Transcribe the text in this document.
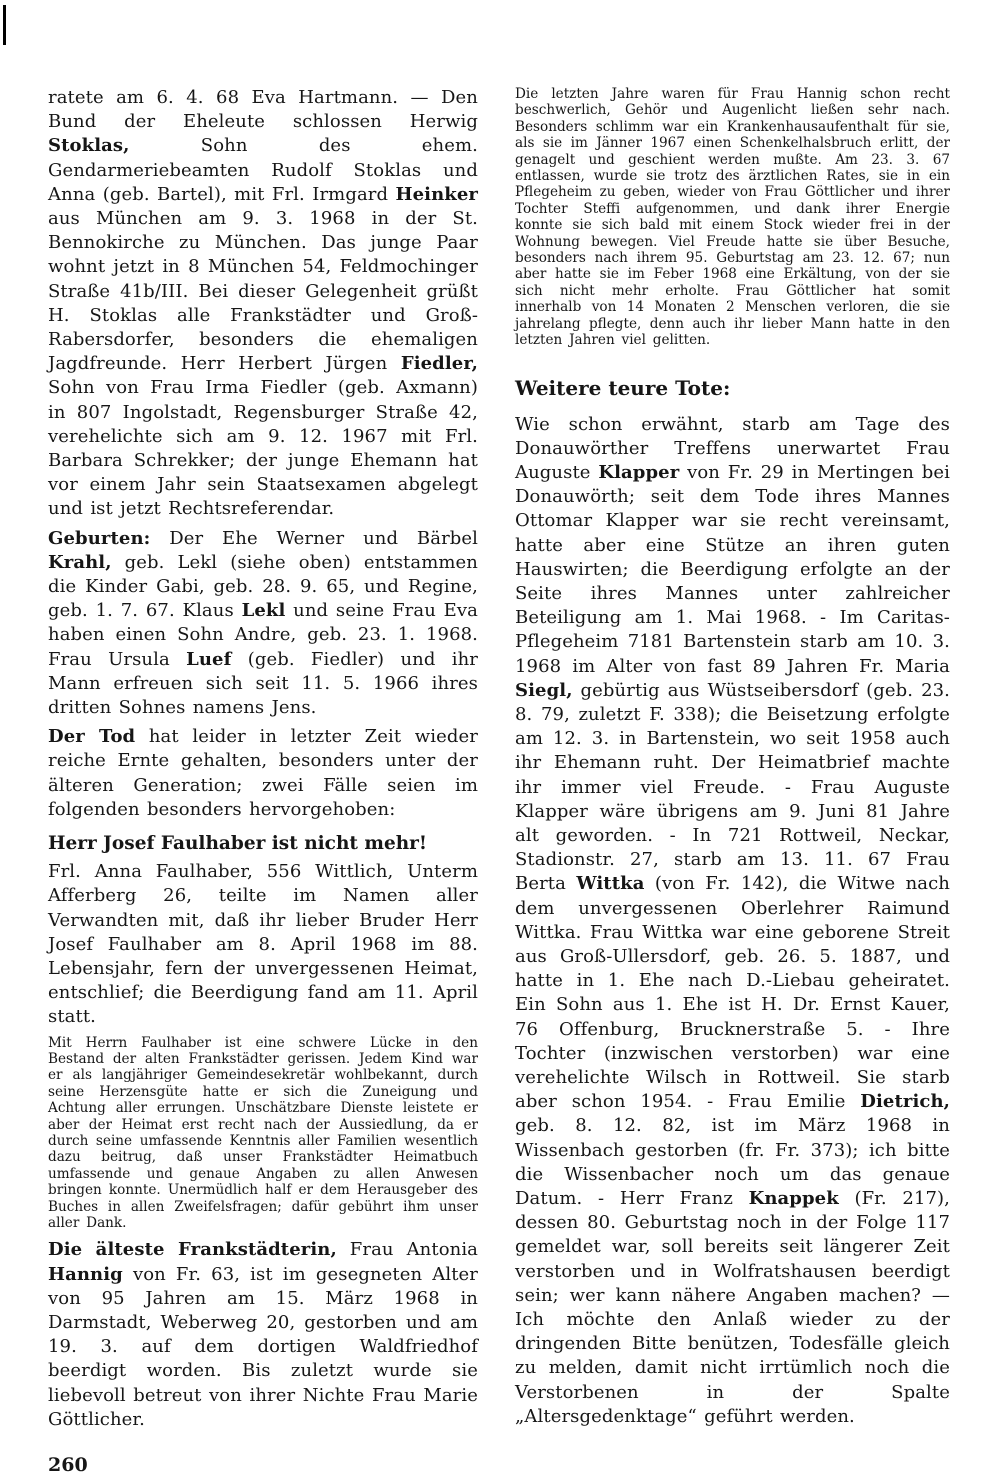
ratete am 6. 4. 68 Eva Hartmann. — Den Bund der Eheleute schlossen Herwig Stoklas, Sohn des ehem. Gendarmeriebeamten Rudolf Stoklas und Anna (geb. Bartel), mit Frl. Irmgard Heinker aus München am 9. 3. 1968 in der St. Bennokirche zu München. Das junge Paar wohnt jetzt in 8 München 54, Feldmochinger Straße 41b/III. Bei dieser Gelegenheit grüßt H. Stoklas alle Frankstädter und Groß-Rabersdorfer, besonders die ehemaligen Jagdfreunde. Herr Herbert Jürgen Fiedler, Sohn von Frau Irma Fiedler (geb. Axmann) in 807 Ingolstadt, Regensburger Straße 42, verehelichte sich am 9. 12. 1967 mit Frl. Barbara Schrekker; der junge Ehemann hat vor einem Jahr sein Staatsexamen abgelegt und ist jetzt Rechtsreferendar.

Geburten: Der Ehe Werner und Bärbel Krahl, geb. Lekl (siehe oben) entstammen die Kinder Gabi, geb. 28. 9. 65, und Regine, geb. 1. 7. 67. Klaus Lekl und seine Frau Eva haben einen Sohn Andre, geb. 23. 1. 1968. Frau Ursula Luef (geb. Fiedler) und ihr Mann erfreuen sich seit 11. 5. 1966 ihres dritten Sohnes namens Jens.

Der Tod hat leider in letzter Zeit wieder reiche Ernte gehalten, besonders unter der älteren Generation; zwei Fälle seien im folgenden besonders hervorgehoben:

Herr Josef Faulhaber ist nicht mehr!

Frl. Anna Faulhaber, 556 Wittlich, Unterm Afferberg 26, teilte im Namen aller Verwandten mit, daß ihr lieber Bruder Herr Josef Faulhaber am 8. April 1968 im 88. Lebensjahr, fern der unvergessenen Heimat, entschlief; die Beerdigung fand am 11. April statt.

Mit Herrn Faulhaber ist eine schwere Lücke in den Bestand der alten Frankstädter gerissen. Jedem Kind war er als langjähriger Gemeindesekretär wohlbekannt, durch seine Herzensgüte hatte er sich die Zuneigung und Achtung aller errungen. Unschätzbare Dienste leistete er aber der Heimat erst recht nach der Aussiedlung, da er durch seine umfassende Kenntnis aller Familien wesentlich dazu beitrug, daß unser Frankstädter Heimatbuch umfassende und genaue Angaben zu allen Anwesen bringen konnte. Unermüdlich half er dem Herausgeber des Buches in allen Zweifelsfragen; dafür gebührt ihm unser aller Dank.

Die älteste Frankstädterin, Frau Antonia Hannig von Fr. 63, ist im gesegneten Alter von 95 Jahren am 15. März 1968 in Darmstadt, Weberweg 20, gestorben und am 19. 3. auf dem dortigen Waldfriedhof beerdigt worden. Bis zuletzt wurde sie liebevoll betreut von ihrer Nichte Frau Marie Göttlicher.

260

Die letzten Jahre waren für Frau Hannig schon recht beschwerlich, Gehör und Augenlicht ließen sehr nach. Besonders schlimm war ein Krankenhausaufenthalt für sie, als sie im Jänner 1967 einen Schenkelhalsbruch erlitt, der genagelt und geschient werden mußte. Am 23. 3. 67 entlassen, wurde sie trotz des ärztlichen Rates, sie in ein Pflegeheim zu geben, wieder von Frau Göttlicher und ihrer Tochter Steffi aufgenommen, und dank ihrer Energie konnte sie sich bald mit einem Stock wieder frei in der Wohnung bewegen. Viel Freude hatte sie über Besuche, besonders nach ihrem 95. Geburtstag am 23. 12. 67; nun aber hatte sie im Feber 1968 eine Erkältung, von der sie sich nicht mehr erholte. Frau Göttlicher hat somit innerhalb von 14 Monaten 2 Menschen verloren, die sie jahrelang pflegte, denn auch ihr lieber Mann hatte in den letzten Jahren viel gelitten.

Weitere teure Tote:

Wie schon erwähnt, starb am Tage des Donauwörther Treffens unerwartet Frau Auguste Klapper von Fr. 29 in Mertingen bei Donauwörth; seit dem Tode ihres Mannes Ottomar Klapper war sie recht vereinsamt, hatte aber eine Stütze an ihren guten Hauswirten; die Beerdigung erfolgte an der Seite ihres Mannes unter zahlreicher Beteiligung am 1. Mai 1968. - Im Caritas-Pflegeheim 7181 Bartenstein starb am 10. 3. 1968 im Alter von fast 89 Jahren Fr. Maria Siegl, gebürtig aus Wüstseibersdorf (geb. 23. 8. 79, zuletzt F. 338); die Beisetzung erfolgte am 12. 3. in Bartenstein, wo seit 1958 auch ihr Ehemann ruht. Der Heimatbrief machte ihr immer viel Freude. - Frau Auguste Klapper wäre übrigens am 9. Juni 81 Jahre alt geworden. - In 721 Rottweil, Neckar, Stadionstr. 27, starb am 13. 11. 67 Frau Berta Wittka (von Fr. 142), die Witwe nach dem unvergessenen Oberlehrer Raimund Wittka. Frau Wittka war eine geborene Streit aus Groß-Ullersdorf, geb. 26. 5. 1887, und hatte in 1. Ehe nach D.-Liebau geheiratet. Ein Sohn aus 1. Ehe ist H. Dr. Ernst Kauer, 76 Offenburg, Brucknerstraße 5. - Ihre Tochter (inzwischen verstorben) war eine verehelichte Wilsch in Rottweil. Sie starb aber schon 1954. - Frau Emilie Dietrich, geb. 8. 12. 82, ist im März 1968 in Wissenbach gestorben (fr. Fr. 373); ich bitte die Wissenbacher noch um das genaue Datum. - Herr Franz Knappek (Fr. 217), dessen 80. Geburtstag noch in der Folge 117 gemeldet war, soll bereits seit längerer Zeit verstorben und in Wolfratshausen beerdigt sein; wer kann nähere Angaben machen? — Ich möchte den Anlaß wieder zu der dringenden Bitte benützen, Todesfälle gleich zu melden, damit nicht irrtümlich noch die Verstorbenen in der Spalte „Altersgedenktage“ geführt werden.
